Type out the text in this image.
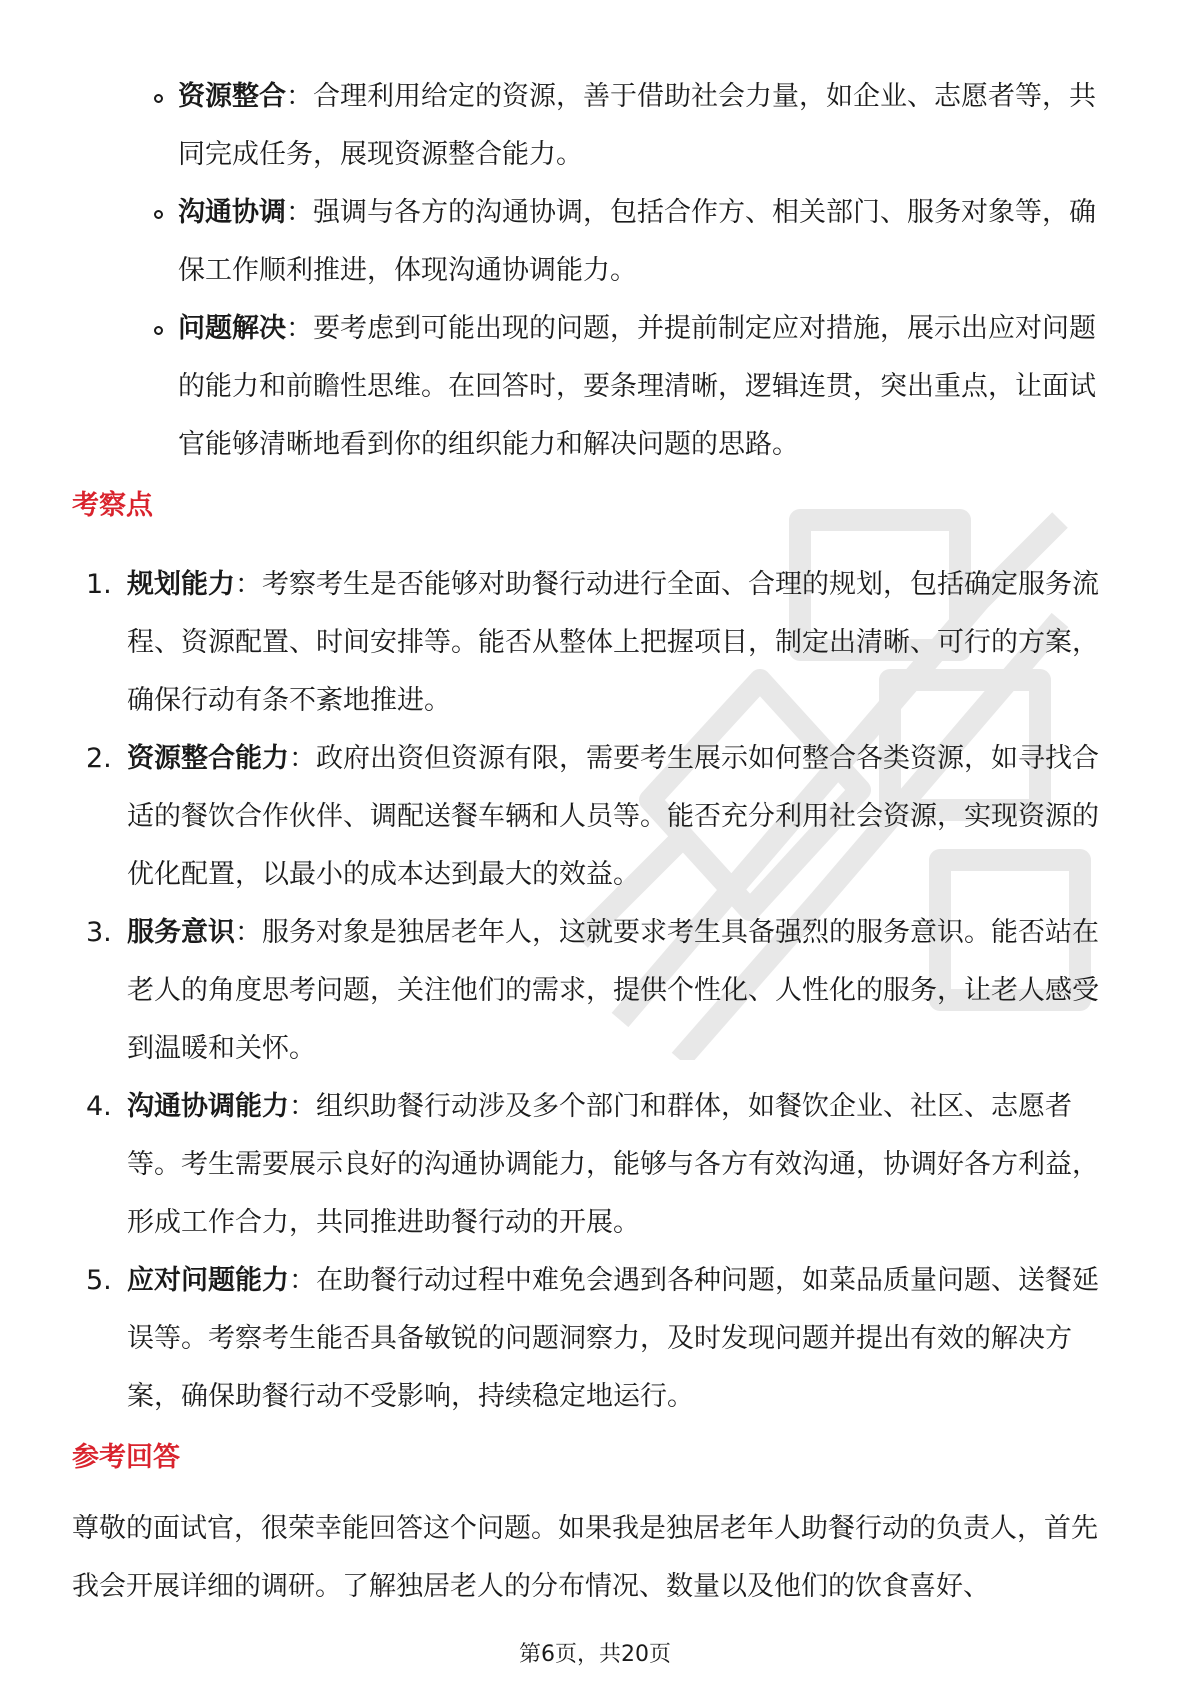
资源整合：合理利用给定的资源，善于借助社会力量，如企业、志愿者等，共同完成任务，展现资源整合能力。
沟通协调：强调与各方的沟通协调，包括合作方、相关部门、服务对象等，确保工作顺利推进，体现沟通协调能力。
问题解决：要考虑到可能出现的问题，并提前制定应对措施，展示出应对问题的能力和前瞻性思维。在回答时，要条理清晰，逻辑连贯，突出重点，让面试官能够清晰地看到你的组织能力和解决问题的思路。
考察点
1. 规划能力：考察考生是否能够对助餐行动进行全面、合理的规划，包括确定服务流程、资源配置、时间安排等。能否从整体上把握项目，制定出清晰、可行的方案，确保行动有条不紊地推进。
2. 资源整合能力：政府出资但资源有限，需要考生展示如何整合各类资源，如寻找合适的餐饮合作伙伴、调配送餐车辆和人员等。能否充分利用社会资源，实现资源的优化配置，以最小的成本达到最大的效益。
3. 服务意识：服务对象是独居老年人，这就要求考生具备强烈的服务意识。能否站在老人的角度思考问题，关注他们的需求，提供个性化、人性化的服务，让老人感受到温暖和关怀。
4. 沟通协调能力：组织助餐行动涉及多个部门和群体，如餐饮企业、社区、志愿者等。考生需要展示良好的沟通协调能力，能够与各方有效沟通，协调好各方利益，形成工作合力，共同推进助餐行动的开展。
5. 应对问题能力：在助餐行动过程中难免会遇到各种问题，如菜品质量问题、送餐延误等。考察考生能否具备敏锐的问题洞察力，及时发现问题并提出有效的解决方案，确保助餐行动不受影响，持续稳定地运行。
参考回答

尊敬的面试官，很荣幸能回答这个问题。如果我是独居老年人助餐行动的负责人，首先我会开展详细的调研。了解独居老人的分布情况、数量以及他们的饮食喜好、

第6页，共20页
